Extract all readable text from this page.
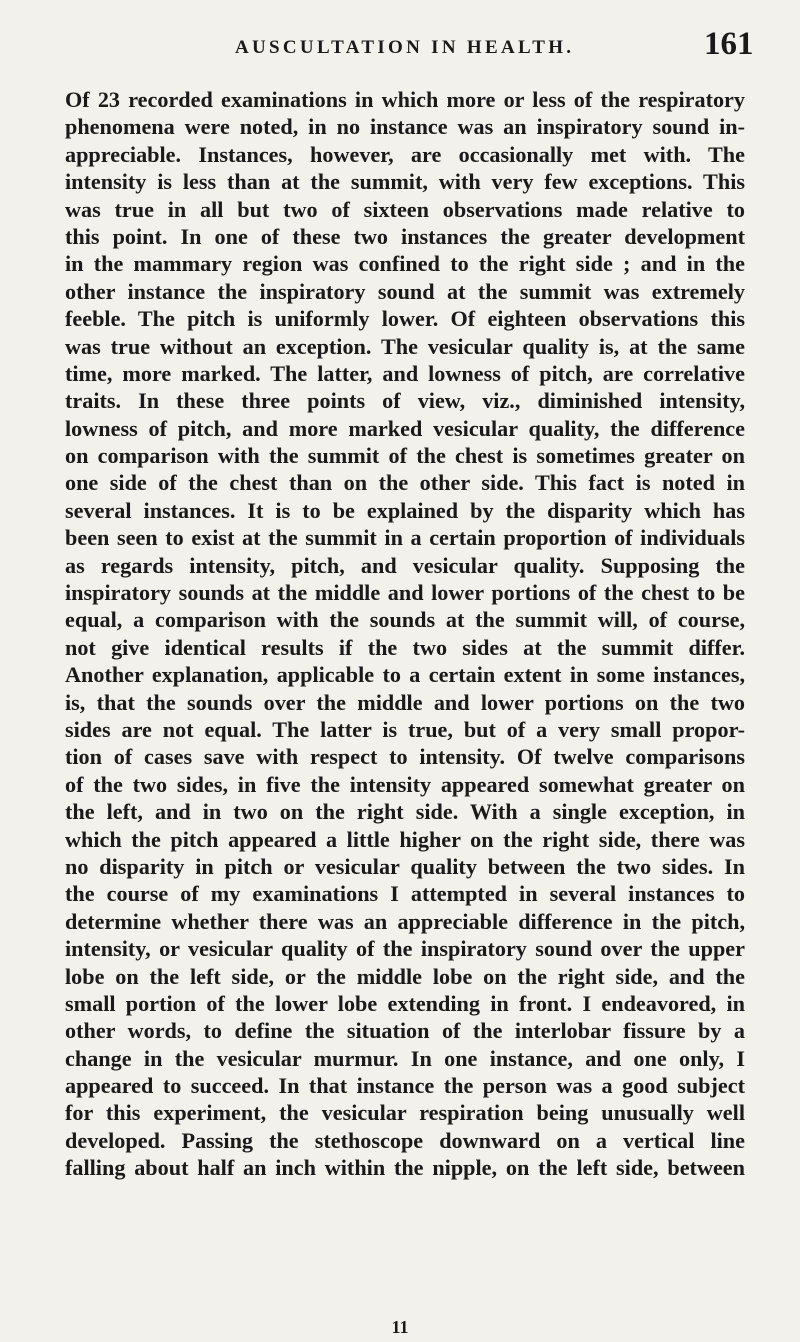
AUSCULTATION IN HEALTH.	161
Of 23 recorded examinations in which more or less of the respiratory
phenomena were noted, in no instance was an inspiratory sound in-
appreciable. Instances, however, are occasionally met with. The
intensity is less than at the summit, with very few exceptions. This
was true in all but two of sixteen observations made relative to
this point. In one of these two instances the greater development
in the mammary region was confined to the right side ; and in the
other instance the inspiratory sound at the summit was extremely
feeble. The pitch is uniformly lower. Of eighteen observations this
was true without an exception. The vesicular quality is, at the same
time, more marked. The latter, and lowness of pitch, are correlative
traits. In these three points of view, viz., diminished intensity,
lowness of pitch, and more marked vesicular quality, the difference
on comparison with the summit of the chest is sometimes greater on
one side of the chest than on the other side. This fact is noted in
several instances. It is to be explained by the disparity which has
been seen to exist at the summit in a certain proportion of individuals
as regards intensity, pitch, and vesicular quality. Supposing the
inspiratory sounds at the middle and lower portions of the chest to be
equal, a comparison with the sounds at the summit will, of course,
not give identical results if the two sides at the summit differ.
Another explanation, applicable to a certain extent in some instances,
is, that the sounds over the middle and lower portions on the two
sides are not equal. The latter is true, but of a very small propor-
tion of cases save with respect to intensity. Of twelve comparisons
of the two sides, in five the intensity appeared somewhat greater on
the left, and in two on the right side. With a single exception, in
which the pitch appeared a little higher on the right side, there was
no disparity in pitch or vesicular quality between the two sides. In
the course of my examinations I attempted in several instances to
determine whether there was an appreciable difference in the pitch,
intensity, or vesicular quality of the inspiratory sound over the upper
lobe on the left side, or the middle lobe on the right side, and the
small portion of the lower lobe extending in front. I endeavored, in
other words, to define the situation of the interlobar fissure by a
change in the vesicular murmur. In one instance, and one only, I
appeared to succeed. In that instance the person was a good subject
for this experiment, the vesicular respiration being unusually well
developed. Passing the stethoscope downward on a vertical line
falling about half an inch within the nipple, on the left side, between
11
